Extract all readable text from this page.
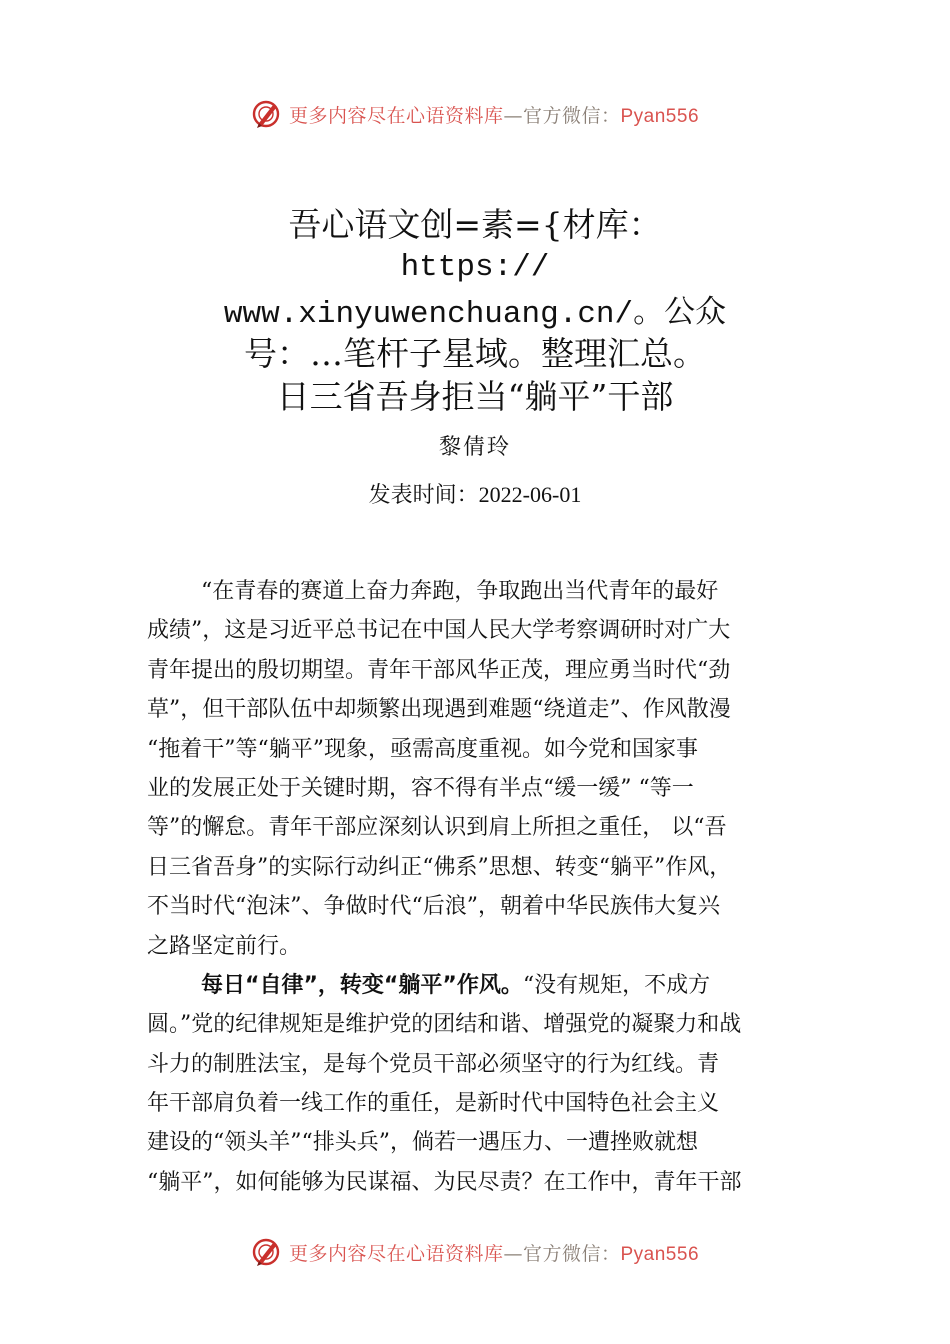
更多内容尽在心语资料库—官方微信：Pyan556
吾心语文创=素={材库：
https://
www.xinyuwenchuang.cn/。公众
号：…笔杆子星域。整理汇总。
日三省吾身拒当“躺平”干部
黎倩玲
发表时间：2022-06-01
“在青春的赛道上奋力奔跑，争取跑出当代青年的最好
成绩”，这是习近平总书记在中国人民大学考察调研时对广大
青年提出的殷切期望。青年干部风华正茂，理应勇当时代“劲
草”，但干部队伍中却频繁出现遇到难题“绕道走”、作风散漫
“拖着干”等“躺平”现象，亟需高度重视。如今党和国家事
业的发展正处于关键时期，容不得有半点“缓一缓” “等一
等”的懈怠。青年干部应深刻认识到肩上所担之重任， 以“吾
日三省吾身”的实际行动纠正“佛系”思想、转变“躺平”作风，
不当时代“泡沫”、争做时代“后浪”，朝着中华民族伟大复兴
之路坚定前行。
每日“自律”，转变“躺平”作风。“没有规矩，不成方
圆。”党的纪律规矩是维护党的团结和谐、增强党的凝聚力和战
斗力的制胜法宝，是每个党员干部必须坚守的行为红线。青
年干部肩负着一线工作的重任，是新时代中国特色社会主义
建设的“领头羊”“排头兵”，倘若一遇压力、一遭挫败就想
“躺平”，如何能够为民谋福、为民尽责？在工作中，青年干部
更多内容尽在心语资料库—官方微信：Pyan556
